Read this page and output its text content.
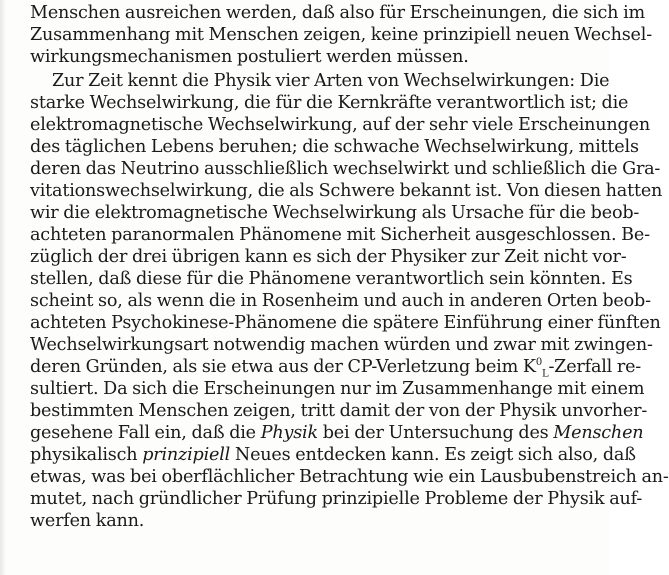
Menschen ausreichen werden, daß also für Erscheinungen, die sich im
Zusammenhang mit Menschen zeigen, keine prinzipiell neuen Wechsel-
wirkungsmechanismen postuliert werden müssen.
Zur Zeit kennt die Physik vier Arten von Wechselwirkungen: Die
starke Wechselwirkung, die für die Kernkräfte verantwortlich ist; die
elektromagnetische Wechselwirkung, auf der sehr viele Erscheinungen
des täglichen Lebens beruhen; die schwache Wechselwirkung, mittels
deren das Neutrino ausschließlich wechselwirkt und schließlich die Gra-
vitationswechselwirkung, die als Schwere bekannt ist. Von diesen hatten
wir die elektromagnetische Wechselwirkung als Ursache für die beob-
achteten paranormalen Phänomene mit Sicherheit ausgeschlossen. Be-
züglich der drei übrigen kann es sich der Physiker zur Zeit nicht vor-
stellen, daß diese für die Phänomene verantwortlich sein könnten. Es
scheint so, als wenn die in Rosenheim und auch in anderen Orten beob-
achteten Psychokinese-Phänomene die spätere Einführung einer fünften
Wechselwirkungsart notwendig machen würden und zwar mit zwingen-
deren Gründen, als sie etwa aus der CP-Verletzung beim $K^0_L$-Zerfall re-
sultiert. Da sich die Erscheinungen nur im Zusammenhange mit einem
bestimmten Menschen zeigen, tritt damit der von der Physik unvorher-
gesehene Fall ein, daß die Physik bei der Untersuchung des Menschen
physikalisch prinzipiell Neues entdecken kann. Es zeigt sich also, daß
etwas, was bei oberflächlicher Betrachtung wie ein Lausbubenstreich an-
mutet, nach gründlicher Prüfung prinzipielle Probleme der Physik auf-
werfen kann.
